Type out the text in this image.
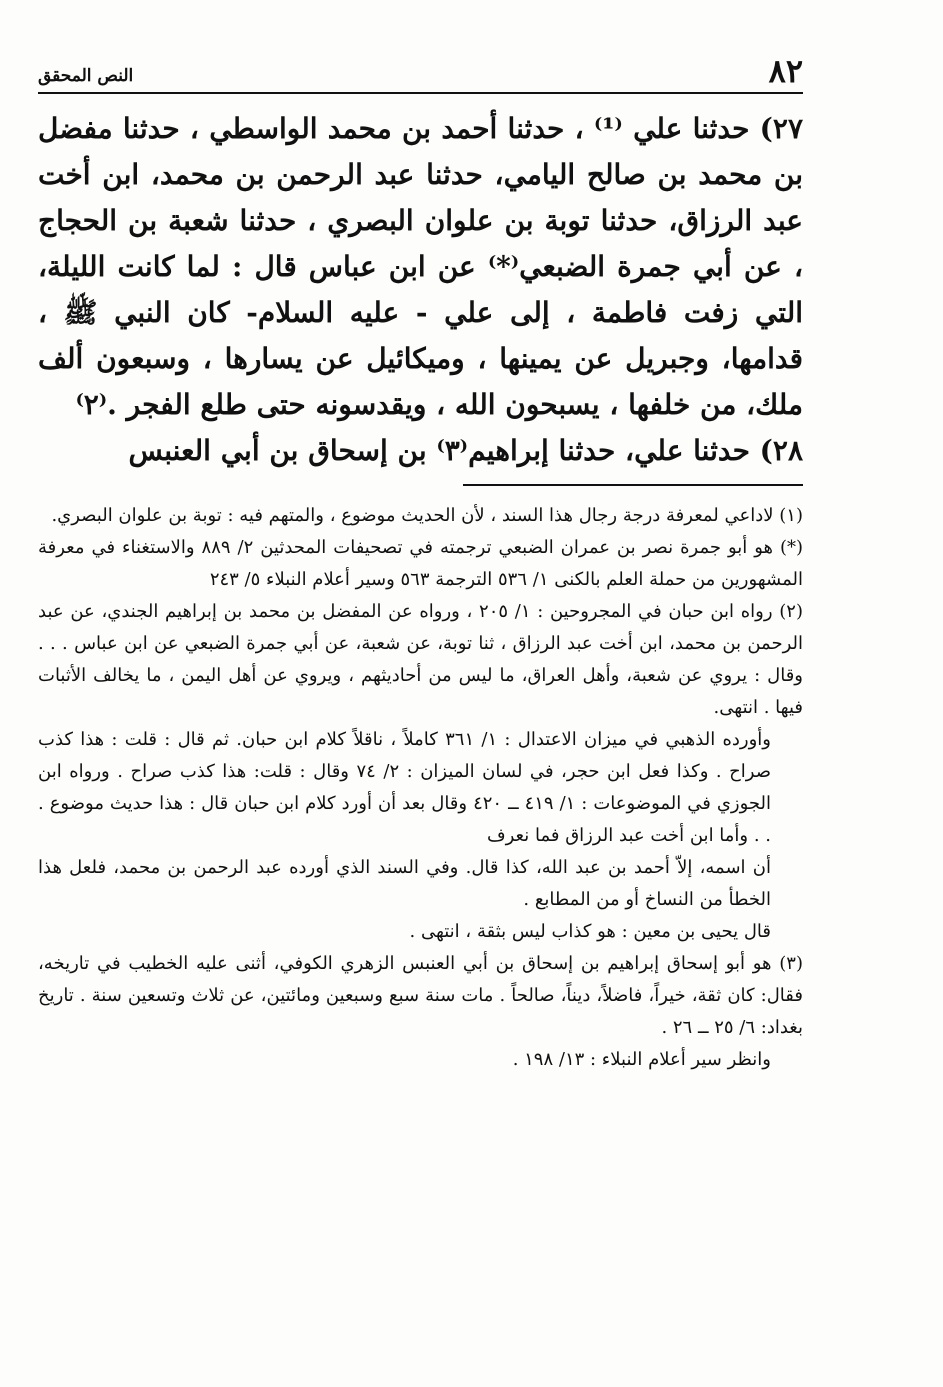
٨٢
النص المحقق

٢٧) حدثنا علي ⁽¹⁾ ، حدثنا أحمد بن محمد الواسطي ، حدثنا مفضل بن محمد بن صالح اليامي، حدثنا عبد الرحمن بن محمد، ابن أخت عبد الرزاق، حدثنا توبة بن علوان البصري ، حدثنا شعبة بن الحجاج ، عن أبي جمرة الضبعي⁽*⁾ عن ابن عباس قال : لما كانت الليلة، التي زفت فاطمة ، إلى علي - عليه السلام- كان النبي ﷺ ، قدامها، وجبريل عن يمينها ، وميكائيل عن يسارها ، وسبعون ألف ملك، من خلفها ، يسبحون الله ، ويقدسونه حتى طلع الفجر .⁽٢⁾

٢٨) حدثنا علي، حدثنا إبراهيم⁽٣⁾ بن إسحاق بن أبي العنبس

(١) لاداعي لمعرفة درجة رجال هذا السند ، لأن الحديث موضوع ، والمتهم فيه : توبة بن علوان البصري.

(*) هو أبو جمرة نصر بن عمران الضبعي ترجمته في تصحيفات المحدثين ٢/ ٨٨٩ والاستغناء في معرفة المشهورين من حملة العلم بالكنى ١/ ٥٣٦ الترجمة ٥٦٣ وسير أعلام النبلاء ٥/ ٢٤٣

(٢) رواه ابن حبان في المجروحين : ١/ ٢٠٥ ، ورواه عن المفضل بن محمد بن إبراهيم الجندي، عن عبد الرحمن بن محمد، ابن أخت عبد الرزاق ، ثنا توبة، عن شعبة، عن أبي جمرة الضبعي عن ابن عباس . . . وقال : يروي عن شعبة، وأهل العراق، ما ليس من أحاديثهم ، ويروي عن أهل اليمن ، ما يخالف الأثبات فيها . انتهى.

وأورده الذهبي في ميزان الاعتدال : ١/ ٣٦١ كاملاً ، ناقلاً كلام ابن حبان. ثم قال : قلت : هذا كذب صراح . وكذا فعل ابن حجر، في لسان الميزان : ٢/ ٧٤ وقال : قلت: هذا كذب صراح . ورواه ابن الجوزي في الموضوعات : ١/ ٤١٩ ــ ٤٢٠ وقال بعد أن أورد كلام ابن حبان قال : هذا حديث موضوع . . . وأما ابن أخت عبد الرزاق فما نعرف

أن اسمه، إلاّ أحمد بن عبد الله، كذا قال. وفي السند الذي أورده عبد الرحمن بن محمد، فلعل هذا الخطأ من النساخ أو من المطابع .

قال يحيى بن معين : هو كذاب ليس بثقة ، انتهى .

(٣) هو أبو إسحاق إبراهيم بن إسحاق بن أبي العنبس الزهري الكوفي، أثنى عليه الخطيب في تاريخه، فقال: كان ثقة، خيراً، فاضلاً، ديناً، صالحاً . مات سنة سبع وسبعين ومائتين، عن ثلاث وتسعين سنة . تاريخ بغداد: ٦/ ٢٥ ــ ٢٦ .

وانظر سير أعلام النبلاء : ١٣/ ١٩٨ .
